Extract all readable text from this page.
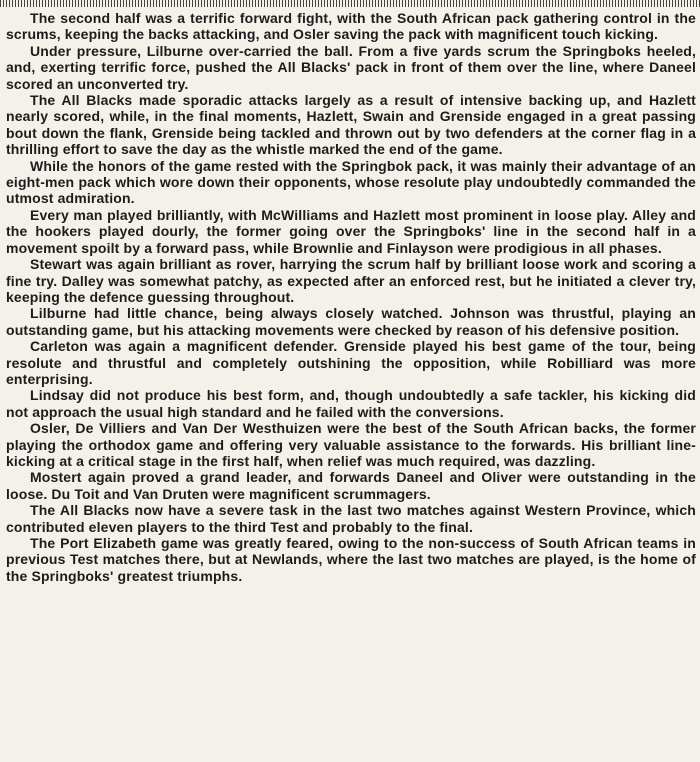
The second half was a terrific forward fight, with the South African pack gathering control in the scrums, keeping the backs attacking, and Osler saving the pack with magnificent touch kicking.

Under pressure, Lilburne over-carried the ball. From a five yards scrum the Springboks heeled, and, exerting terrific force, pushed the All Blacks' pack in front of them over the line, where Daneel scored an unconverted try.

The All Blacks made sporadic attacks largely as a result of intensive backing up, and Hazlett nearly scored, while, in the final moments, Hazlett, Swain and Grenside engaged in a great passing bout down the flank, Grenside being tackled and thrown out by two defenders at the corner flag in a thrilling effort to save the day as the whistle marked the end of the game.

While the honors of the game rested with the Springbok pack, it was mainly their advantage of an eight-men pack which wore down their opponents, whose resolute play undoubtedly commanded the utmost admiration.

Every man played brilliantly, with McWilliams and Hazlett most prominent in loose play. Alley and the hookers played dourly, the former going over the Springboks' line in the second half in a movement spoilt by a forward pass, while Brownlie and Finlayson were prodigious in all phases.

Stewart was again brilliant as rover, harrying the scrum half by brilliant loose work and scoring a fine try. Dalley was somewhat patchy, as expected after an enforced rest, but he initiated a clever try, keeping the defence guessing throughout.

Lilburne had little chance, being always closely watched. Johnson was thrustful, playing an outstanding game, but his attacking movements were checked by reason of his defensive position.

Carleton was again a magnificent defender. Grenside played his best game of the tour, being resolute and thrustful and completely outshining the opposition, while Robilliard was more enterprising.

Lindsay did not produce his best form, and, though undoubtedly a safe tackler, his kicking did not approach the usual high standard and he failed with the conversions.

Osler, De Villiers and Van Der Westhuizen were the best of the South African backs, the former playing the orthodox game and offering very valuable assistance to the forwards. His brilliant line-kicking at a critical stage in the first half, when relief was much required, was dazzling.

Mostert again proved a grand leader, and forwards Daneel and Oliver were outstanding in the loose. Du Toit and Van Druten were magnificent scrummagers.

The All Blacks now have a severe task in the last two matches against Western Province, which contributed eleven players to the third Test and probably to the final.

The Port Elizabeth game was greatly feared, owing to the non-success of South African teams in previous Test matches there, but at Newlands, where the last two matches are played, is the home of the Springboks' greatest triumphs.
